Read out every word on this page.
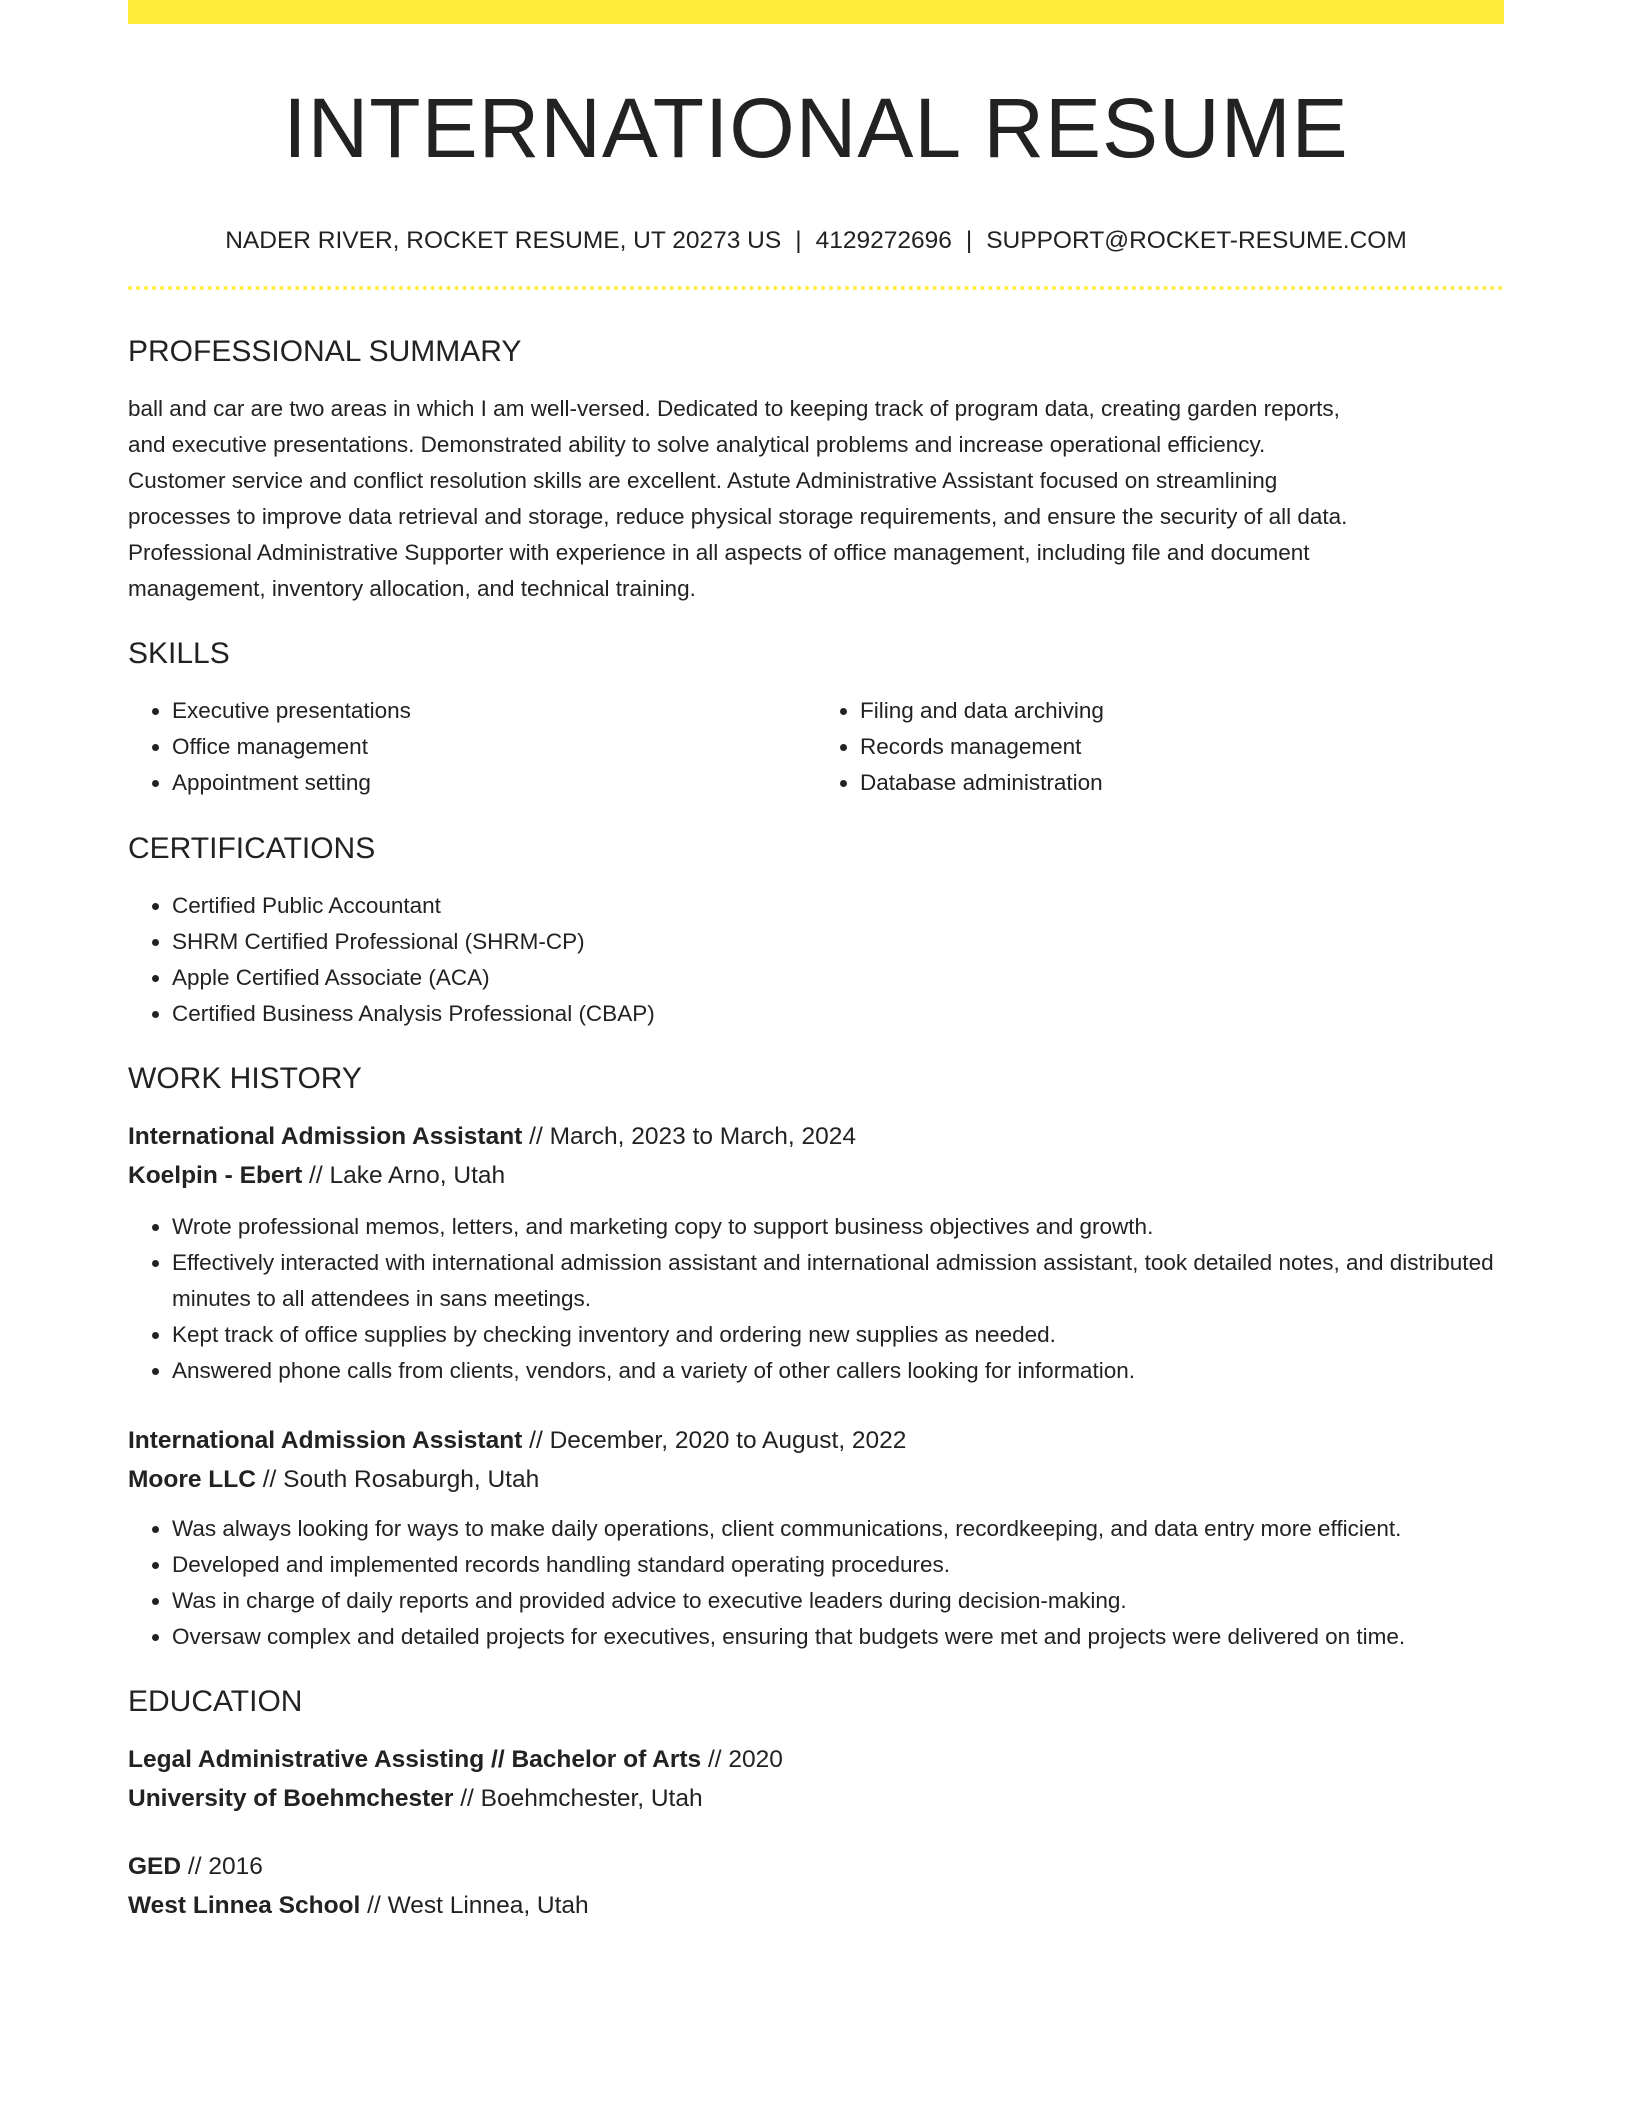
INTERNATIONAL RESUME
NADER RIVER, ROCKET RESUME, UT 20273 US | 4129272696 | SUPPORT@ROCKET-RESUME.COM
PROFESSIONAL SUMMARY
ball and car are two areas in which I am well-versed. Dedicated to keeping track of program data, creating garden reports,
and executive presentations. Demonstrated ability to solve analytical problems and increase operational efficiency.
Customer service and conflict resolution skills are excellent. Astute Administrative Assistant focused on streamlining
processes to improve data retrieval and storage, reduce physical storage requirements, and ensure the security of all data.
Professional Administrative Supporter with experience in all aspects of office management, including file and document
management, inventory allocation, and technical training.
SKILLS
• Executive presentations
• Office management
• Appointment setting
• Filing and data archiving
• Records management
• Database administration
CERTIFICATIONS
• Certified Public Accountant
• SHRM Certified Professional (SHRM-CP)
• Apple Certified Associate (ACA)
• Certified Business Analysis Professional (CBAP)
WORK HISTORY
International Admission Assistant // March, 2023 to March, 2024
Koelpin - Ebert // Lake Arno, Utah
• Wrote professional memos, letters, and marketing copy to support business objectives and growth.
• Effectively interacted with international admission assistant and international admission assistant, took detailed notes, and distributed minutes to all attendees in sans meetings.
• Kept track of office supplies by checking inventory and ordering new supplies as needed.
• Answered phone calls from clients, vendors, and a variety of other callers looking for information.
International Admission Assistant // December, 2020 to August, 2022
Moore LLC // South Rosaburgh, Utah
• Was always looking for ways to make daily operations, client communications, recordkeeping, and data entry more efficient.
• Developed and implemented records handling standard operating procedures.
• Was in charge of daily reports and provided advice to executive leaders during decision-making.
• Oversaw complex and detailed projects for executives, ensuring that budgets were met and projects were delivered on time.
EDUCATION
Legal Administrative Assisting // Bachelor of Arts // 2020
University of Boehmchester // Boehmchester, Utah
GED // 2016
West Linnea School // West Linnea, Utah
